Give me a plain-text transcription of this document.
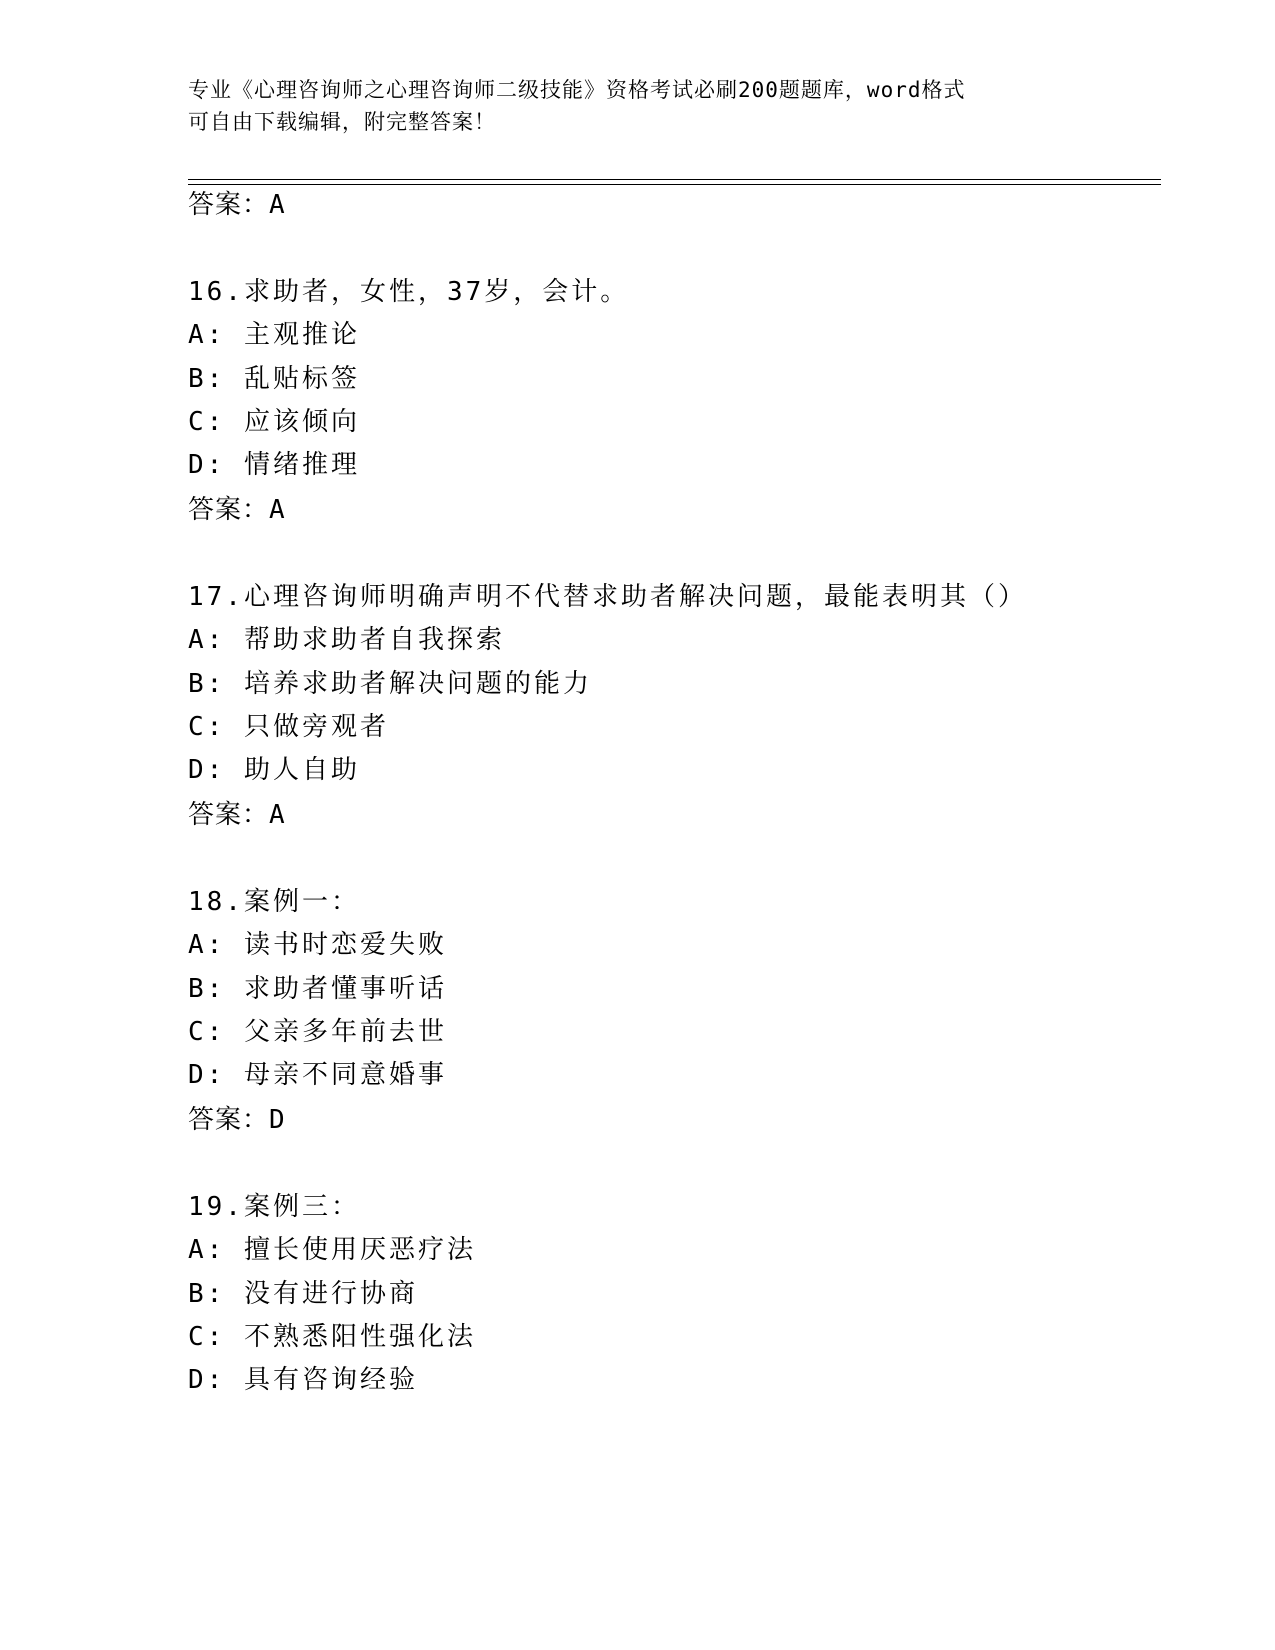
专业《心理咨询师之心理咨询师二级技能》资格考试必刷200题题库，word格式
可自由下载编辑，附完整答案！
答案：A
16.求助者，女性，37岁，会计。
A: 主观推论
B: 乱贴标签
C: 应该倾向
D: 情绪推理
答案：A
17.心理咨询师明确声明不代替求助者解决问题，最能表明其（）
A: 帮助求助者自我探索
B: 培养求助者解决问题的能力
C: 只做旁观者
D: 助人自助
答案：A
18.案例一：
A: 读书时恋爱失败
B: 求助者懂事听话
C: 父亲多年前去世
D: 母亲不同意婚事
答案：D
19.案例三：
A: 擅长使用厌恶疗法
B: 没有进行协商
C: 不熟悉阳性强化法
D: 具有咨询经验
